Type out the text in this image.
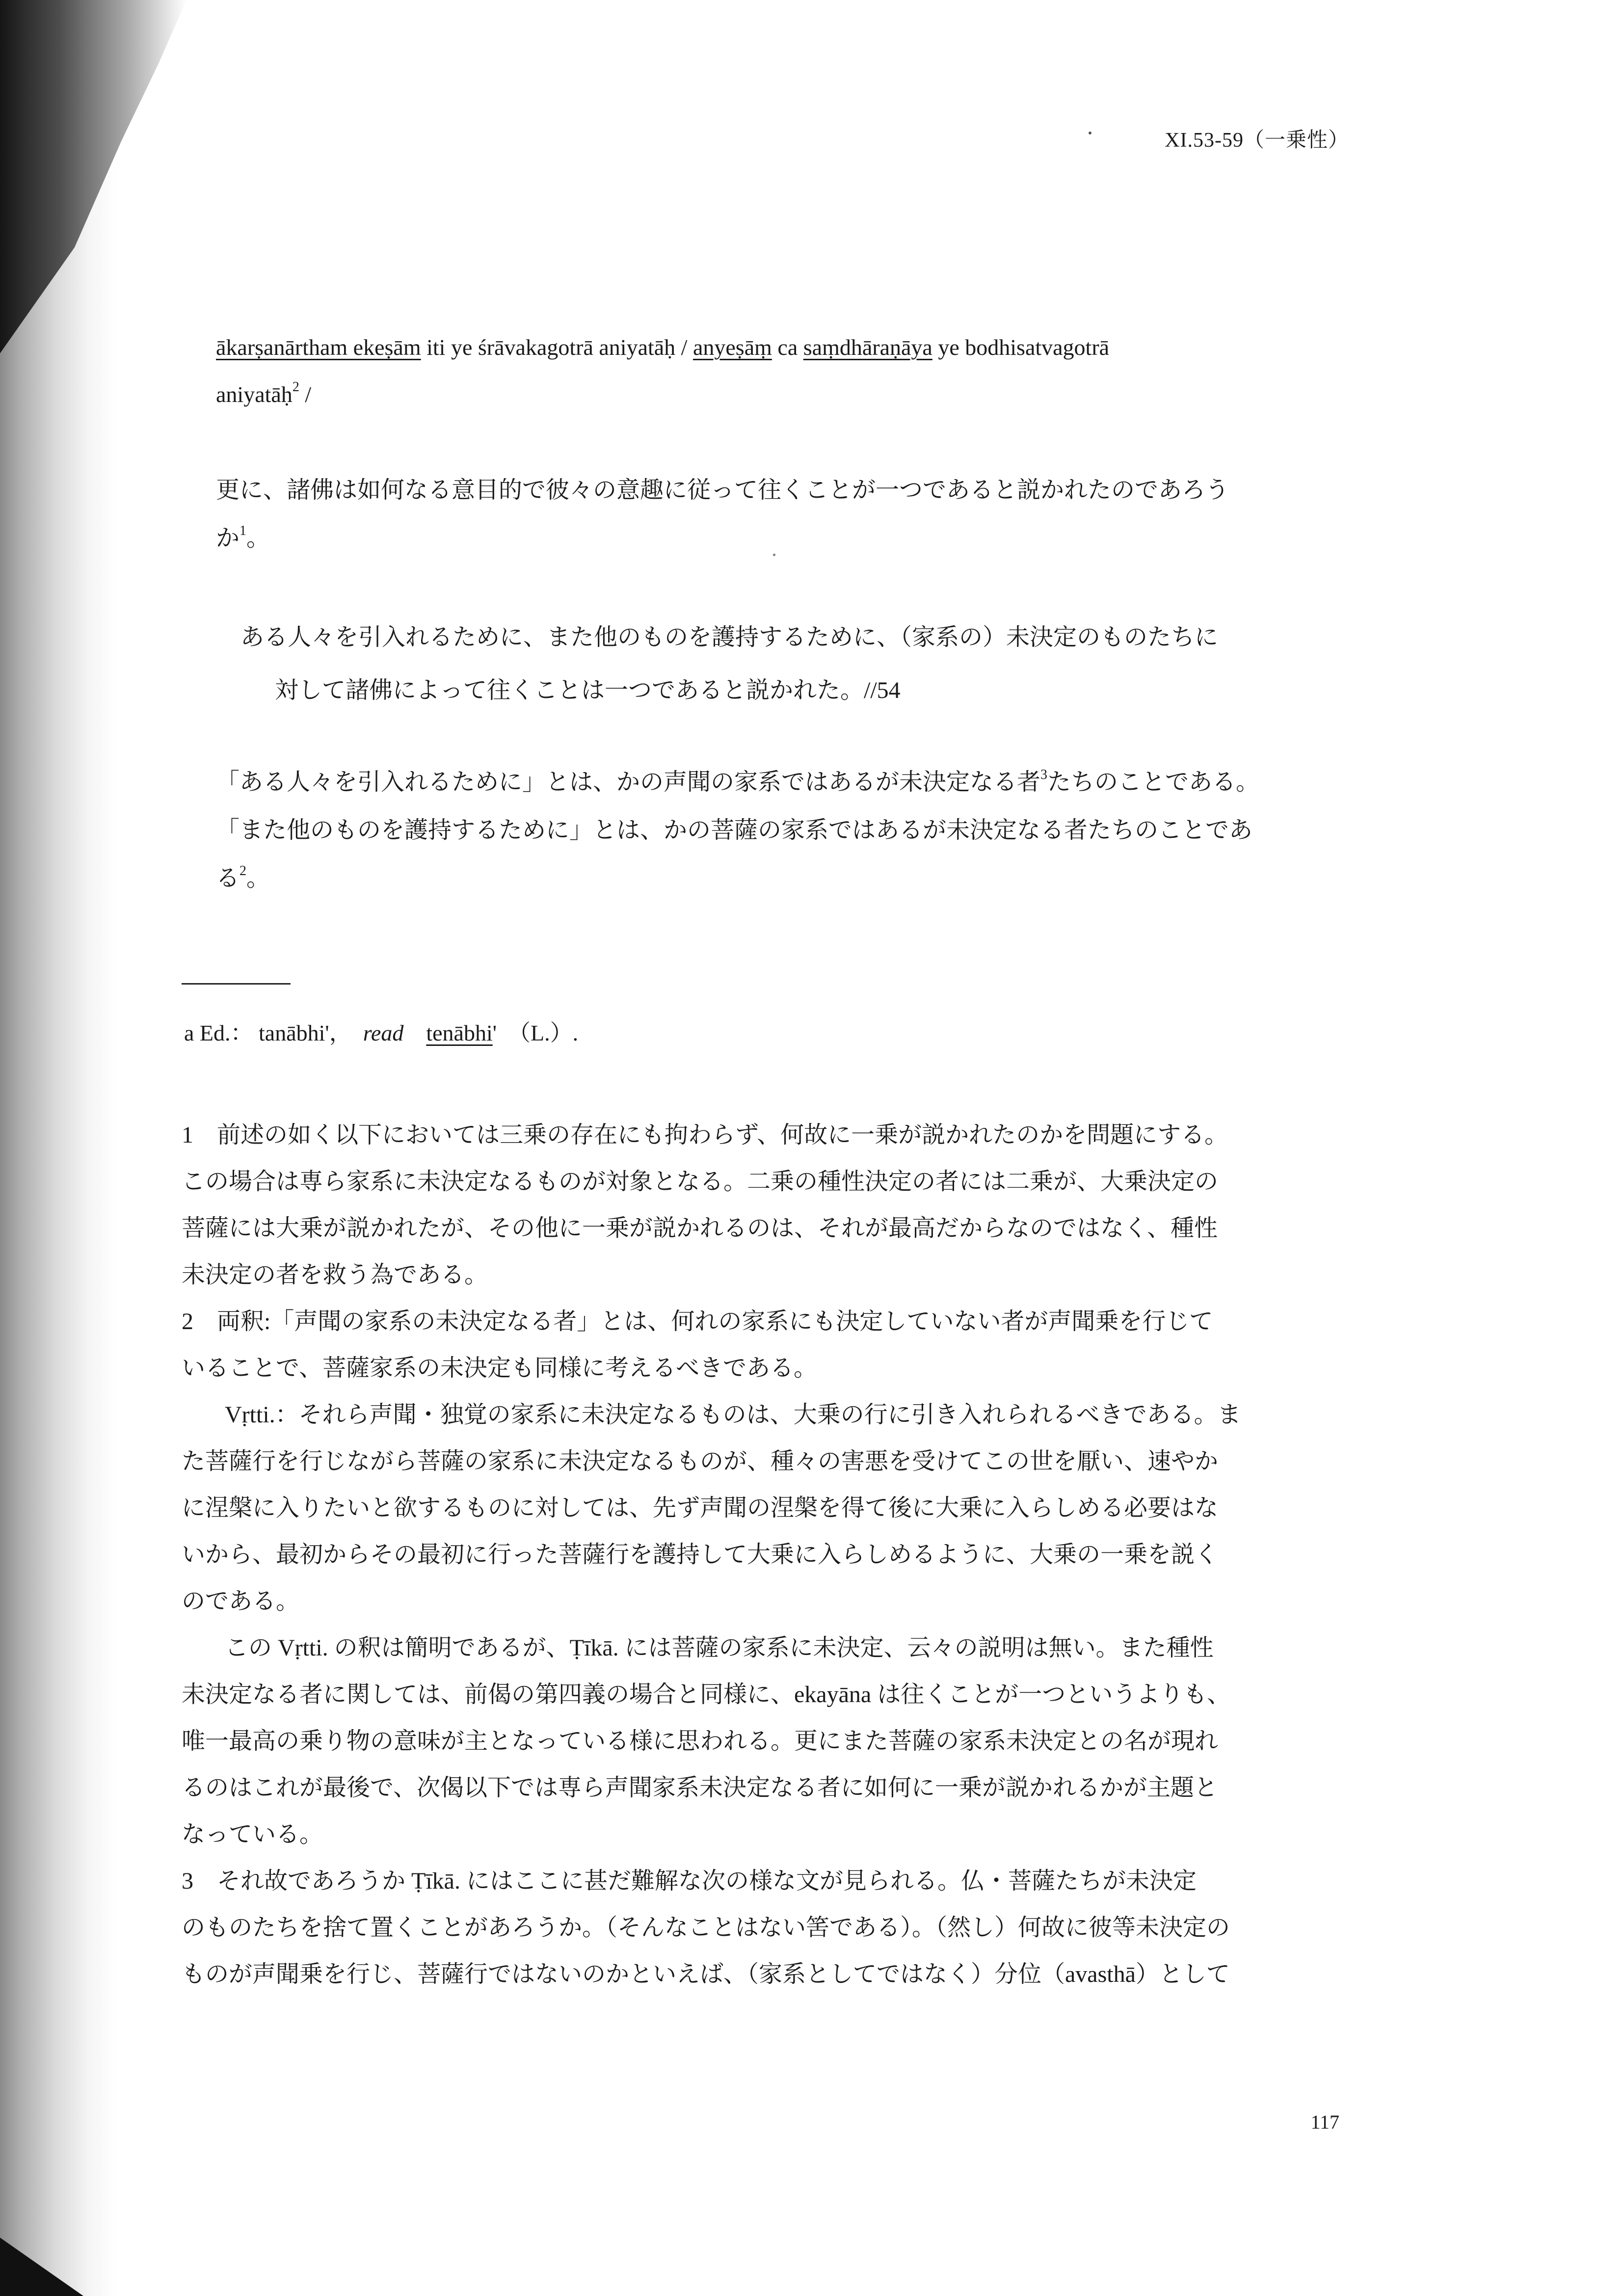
XI.53-59（一乗性）

ākarṣanārtham ekeṣām iti ye śrāvakagotrā aniyatāḥ / anyeṣāṃ ca saṃdhāraṇāya ye bodhisatvagotrā

aniyatāḥ$^2$ /

更に、諸佛は如何なる意目的で彼々の意趣に従って往くことが一つであると説かれたのであろう

か$^1$。

ある人々を引入れるために、また他のものを護持するために、（家系の）未決定のものたちに

対して諸佛によって往くことは一つであると説かれた。//54

「ある人々を引入れるために」とは、かの声聞の家系ではあるが未決定なる者$^3$たちのことである。

「また他のものを護持するために」とは、かの菩薩の家系ではあるが未決定なる者たちのことであ

る$^2$。

a Ed.： tanābhi'，　read　 tenābhi'　（L.）.

1　前述の如く以下においては三乗の存在にも拘わらず、何故に一乗が説かれたのかを問題にする。

この場合は専ら家系に未決定なるものが対象となる。二乗の種性決定の者には二乗が、大乗決定の

菩薩には大乗が説かれたが、その他に一乗が説かれるのは、それが最高だからなのではなく、種性

未決定の者を救う為である。

2　両釈:「声聞の家系の未決定なる者」とは、何れの家系にも決定していない者が声聞乗を行じて

いることで、菩薩家系の未決定も同様に考えるべきである。

Vṛtti.：それら声聞・独覚の家系に未決定なるものは、大乗の行に引き入れられるべきである。ま

た菩薩行を行じながら菩薩の家系に未決定なるものが、種々の害悪を受けてこの世を厭い、速やか

に涅槃に入りたいと欲するものに対しては、先ず声聞の涅槃を得て後に大乗に入らしめる必要はな

いから、最初からその最初に行った菩薩行を護持して大乗に入らしめるように、大乗の一乗を説く

のである。

この Vṛtti. の釈は簡明であるが、Ṭīkā. には菩薩の家系に未決定、云々の説明は無い。また種性

未決定なる者に関しては、前偈の第四義の場合と同様に、ekayāna は往くことが一つというよりも、

唯一最高の乗り物の意味が主となっている様に思われる。更にまた菩薩の家系未決定との名が現れ

るのはこれが最後で、次偈以下では専ら声聞家系未決定なる者に如何に一乗が説かれるかが主題と

なっている。

3　それ故であろうか Ṭīkā. にはここに甚だ難解な次の様な文が見られる。仏・菩薩たちが未決定

のものたちを捨て置くことがあろうか。（そんなことはない筈である）。（然し）何故に彼等未決定の

ものが声聞乗を行じ、菩薩行ではないのかといえば、（家系としてではなく）分位（avasthā）として

117
